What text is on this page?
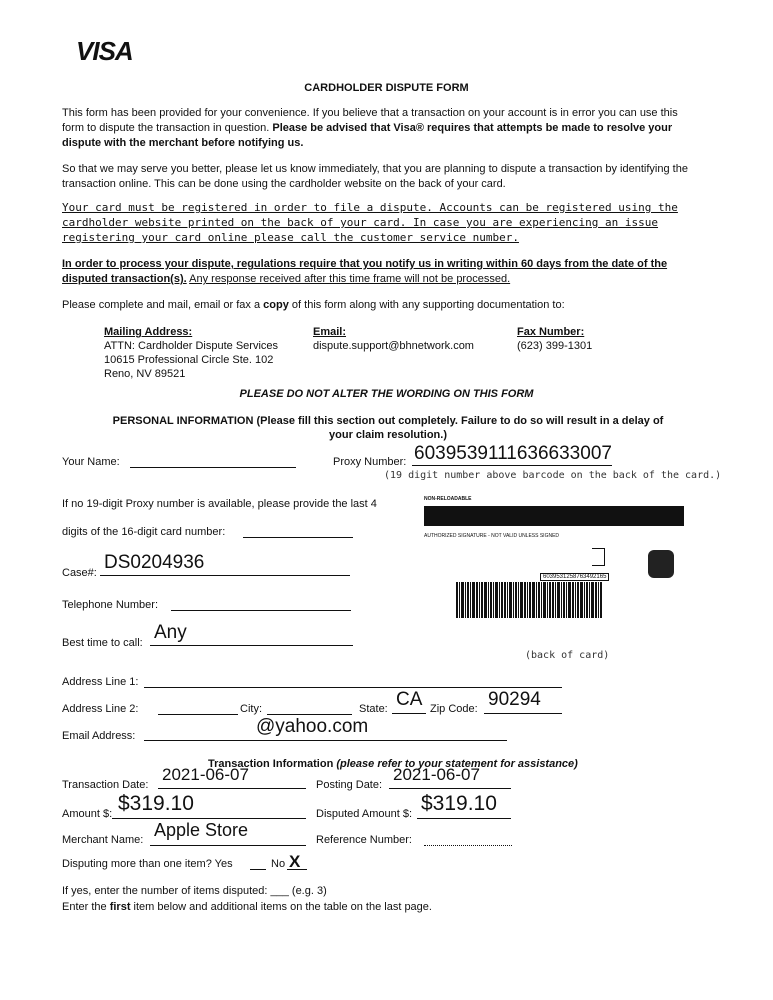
VISA
CARDHOLDER DISPUTE FORM

This form has been provided for your convenience. If you believe that a transaction on your account is in error you can use this form to dispute the transaction in question. Please be advised that Visa® requires that attempts be made to resolve your dispute with the merchant before notifying us.

So that we may serve you better, please let us know immediately, that you are planning to dispute a transaction by identifying the transaction online. This can be done using the cardholder website on the back of your card.

Your card must be registered in order to file a dispute. Accounts can be registered using the cardholder website printed on the back of your card. In case you are experiencing an issue registering your card online please call the customer service number.

In order to process your dispute, regulations require that you notify us in writing within 60 days from the date of the disputed transaction(s). Any response received after this time frame will not be processed.

Please complete and mail, email or fax a copy of this form along with any supporting documentation to:

Mailing Address:
ATTN: Cardholder Dispute Services
10615 Professional Circle Ste. 102
Reno, NV 89521
Email:
dispute.support@bhnetwork.com
Fax Number:
(623) 399-1301
PLEASE DO NOT ALTER THE WORDING ON THIS FORM
PERSONAL INFORMATION (Please fill this section out completely. Failure to do so will result in a delay of your claim resolution.)
Your Name:	Proxy Number: 6039539111636633007
(19 digit number above barcode on the back of the card.)
If no 19-digit Proxy number is available, please provide the last 4
digits of the 16-digit card number:
NON-RELOADABLE
AUTHORIZED SIGNATURE - NOT VALID UNLESS SIGNED
6039531258763492165
(back of card)
Case#: DS0204936
Telephone Number:
Best time to call: Any
Address Line 1:
Address Line 2:	City:	State: CA Zip Code: 90294
Email Address:	@yahoo.com
Transaction Information (please refer to your statement for assistance)
Transaction Date:
2021-06-07
Posting Date:
2021-06-07
Amount $: $319.10	Disputed Amount $: $319.10
Merchant Name: Apple Store	Reference Number:
Disputing more than one item? Yes	No X
If yes, enter the number of items disputed: ___ (e.g. 3)
Enter the first item below and additional items on the table on the last page.
